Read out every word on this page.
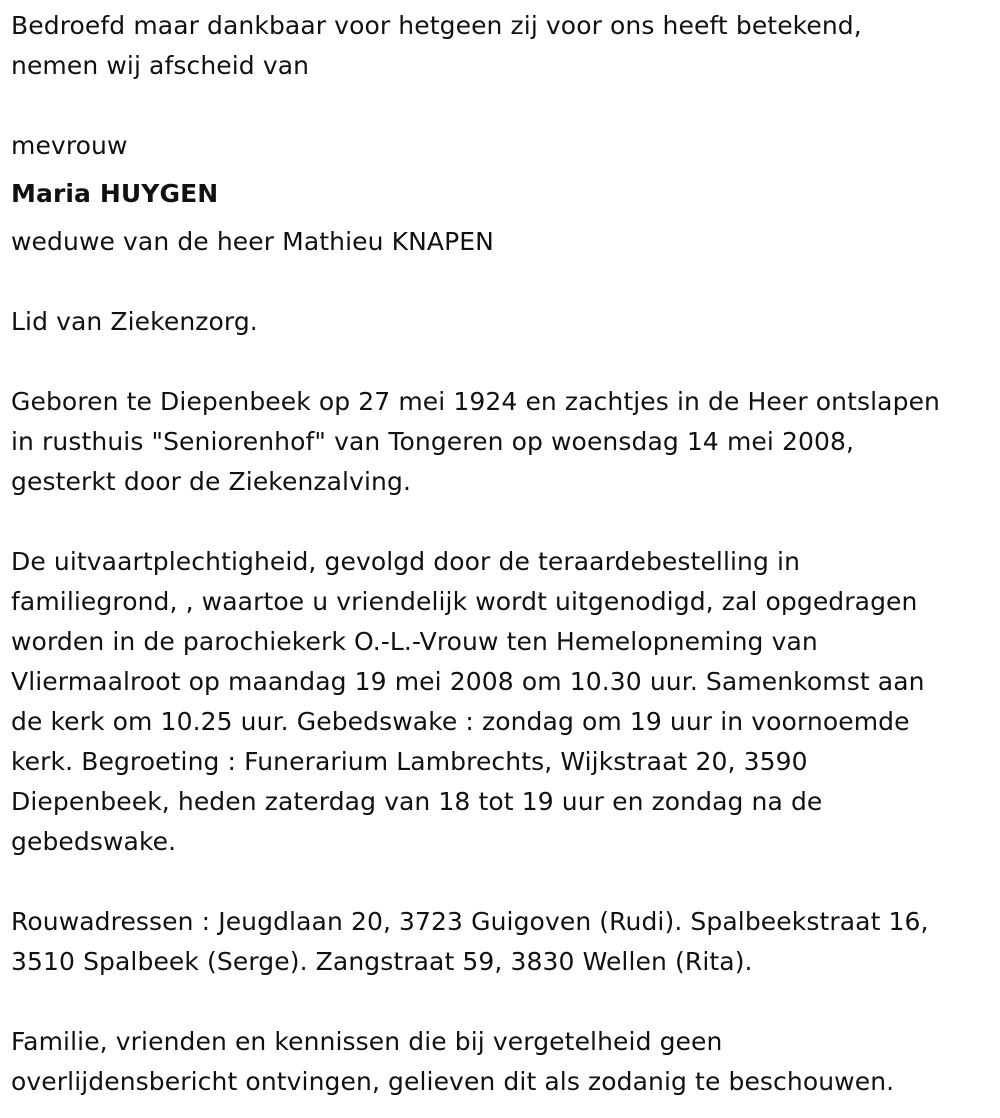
Bedroefd maar dankbaar voor hetgeen zij voor ons heeft betekend,
nemen wij afscheid van
mevrouw
Maria HUYGEN
weduwe van de heer Mathieu KNAPEN
Lid van Ziekenzorg.
Geboren te Diepenbeek op 27 mei 1924 en zachtjes in de Heer ontslapen
in rusthuis "Seniorenhof" van Tongeren op woensdag 14 mei 2008,
gesterkt door de Ziekenzalving.
De uitvaartplechtigheid, gevolgd door de teraardebestelling in
familiegrond, , waartoe u vriendelijk wordt uitgenodigd, zal opgedragen
worden in de parochiekerk O.-L.-Vrouw ten Hemelopneming van
Vliermaalroot op maandag 19 mei 2008 om 10.30 uur. Samenkomst aan
de kerk om 10.25 uur. Gebedswake : zondag om 19 uur in voornoemde
kerk. Begroeting : Funerarium Lambrechts, Wijkstraat 20, 3590
Diepenbeek, heden zaterdag van 18 tot 19 uur en zondag na de
gebedswake.
Rouwadressen : Jeugdlaan 20, 3723 Guigoven (Rudi). Spalbeekstraat 16,
3510 Spalbeek (Serge). Zangstraat 59, 3830 Wellen (Rita).
Familie, vrienden en kennissen die bij vergetelheid geen
overlijdensbericht ontvingen, gelieven dit als zodanig te beschouwen.
